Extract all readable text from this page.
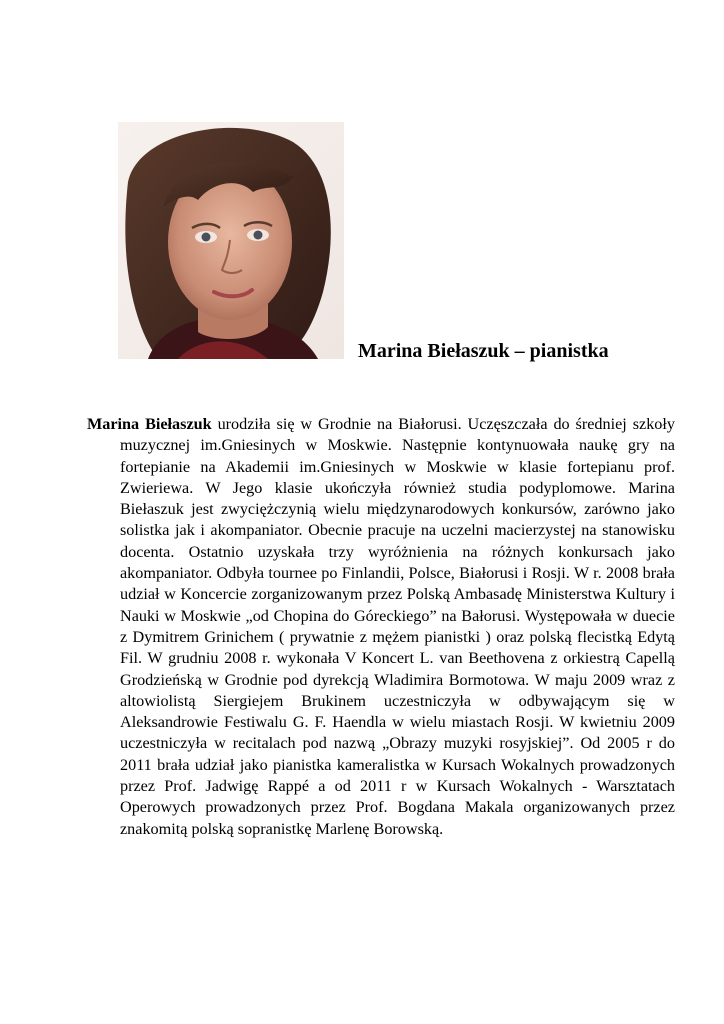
Marina Biełaszuk – pianistka

Marina Biełaszuk urodziła się w Grodnie na Białorusi. Uczęszczała do średniej szkoły muzycznej im.Gniesinych w Moskwie. Następnie kontynuowała naukę gry na fortepianie na Akademii im.Gniesinych w Moskwie w klasie fortepianu prof. Zwieriewa. W Jego klasie ukończyła również studia podyplomowe. Marina Biełaszuk jest zwyciężczynią wielu międzynarodowych konkursów, zarówno jako solistka jak i akompaniator. Obecnie pracuje na uczelni macierzystej na stanowisku docenta. Ostatnio uzyskała trzy wyróżnienia na różnych konkursach jako akompaniator. Odbyła tournee po Finlandii, Polsce, Białorusi i Rosji. W r. 2008 brała udział w Koncercie zorganizowanym przez Polską Ambasadę Ministerstwa Kultury i Nauki w Moskwie „od Chopina do Góreckiego” na Bałorusi. Występowała w duecie z Dymitrem Grinichem ( prywatnie z mężem pianistki ) oraz polską flecistką Edytą Fil. W grudniu 2008 r. wykonała V Koncert L. van Beethovena z orkiestrą Capellą Grodzieńską w Grodnie pod dyrekcją Wladimira Bormotowa. W maju 2009 wraz z altowiolistą Siergiejem Brukinem uczestniczyła w odbywającym się w Aleksandrowie Festiwalu G. F. Haendla w wielu miastach Rosji. W kwietniu 2009 uczestniczyła w recitalach pod nazwą „Obrazy muzyki rosyjskiej”. Od 2005 r do 2011 brała udział jako pianistka kameralistka w Kursach Wokalnych prowadzonych przez Prof. Jadwigę Rappé a od 2011 r w Kursach Wokalnych - Warsztatach Operowych prowadzonych przez Prof. Bogdana Makala organizowanych przez znakomitą polską sopranistkę Marlenę Borowską.
